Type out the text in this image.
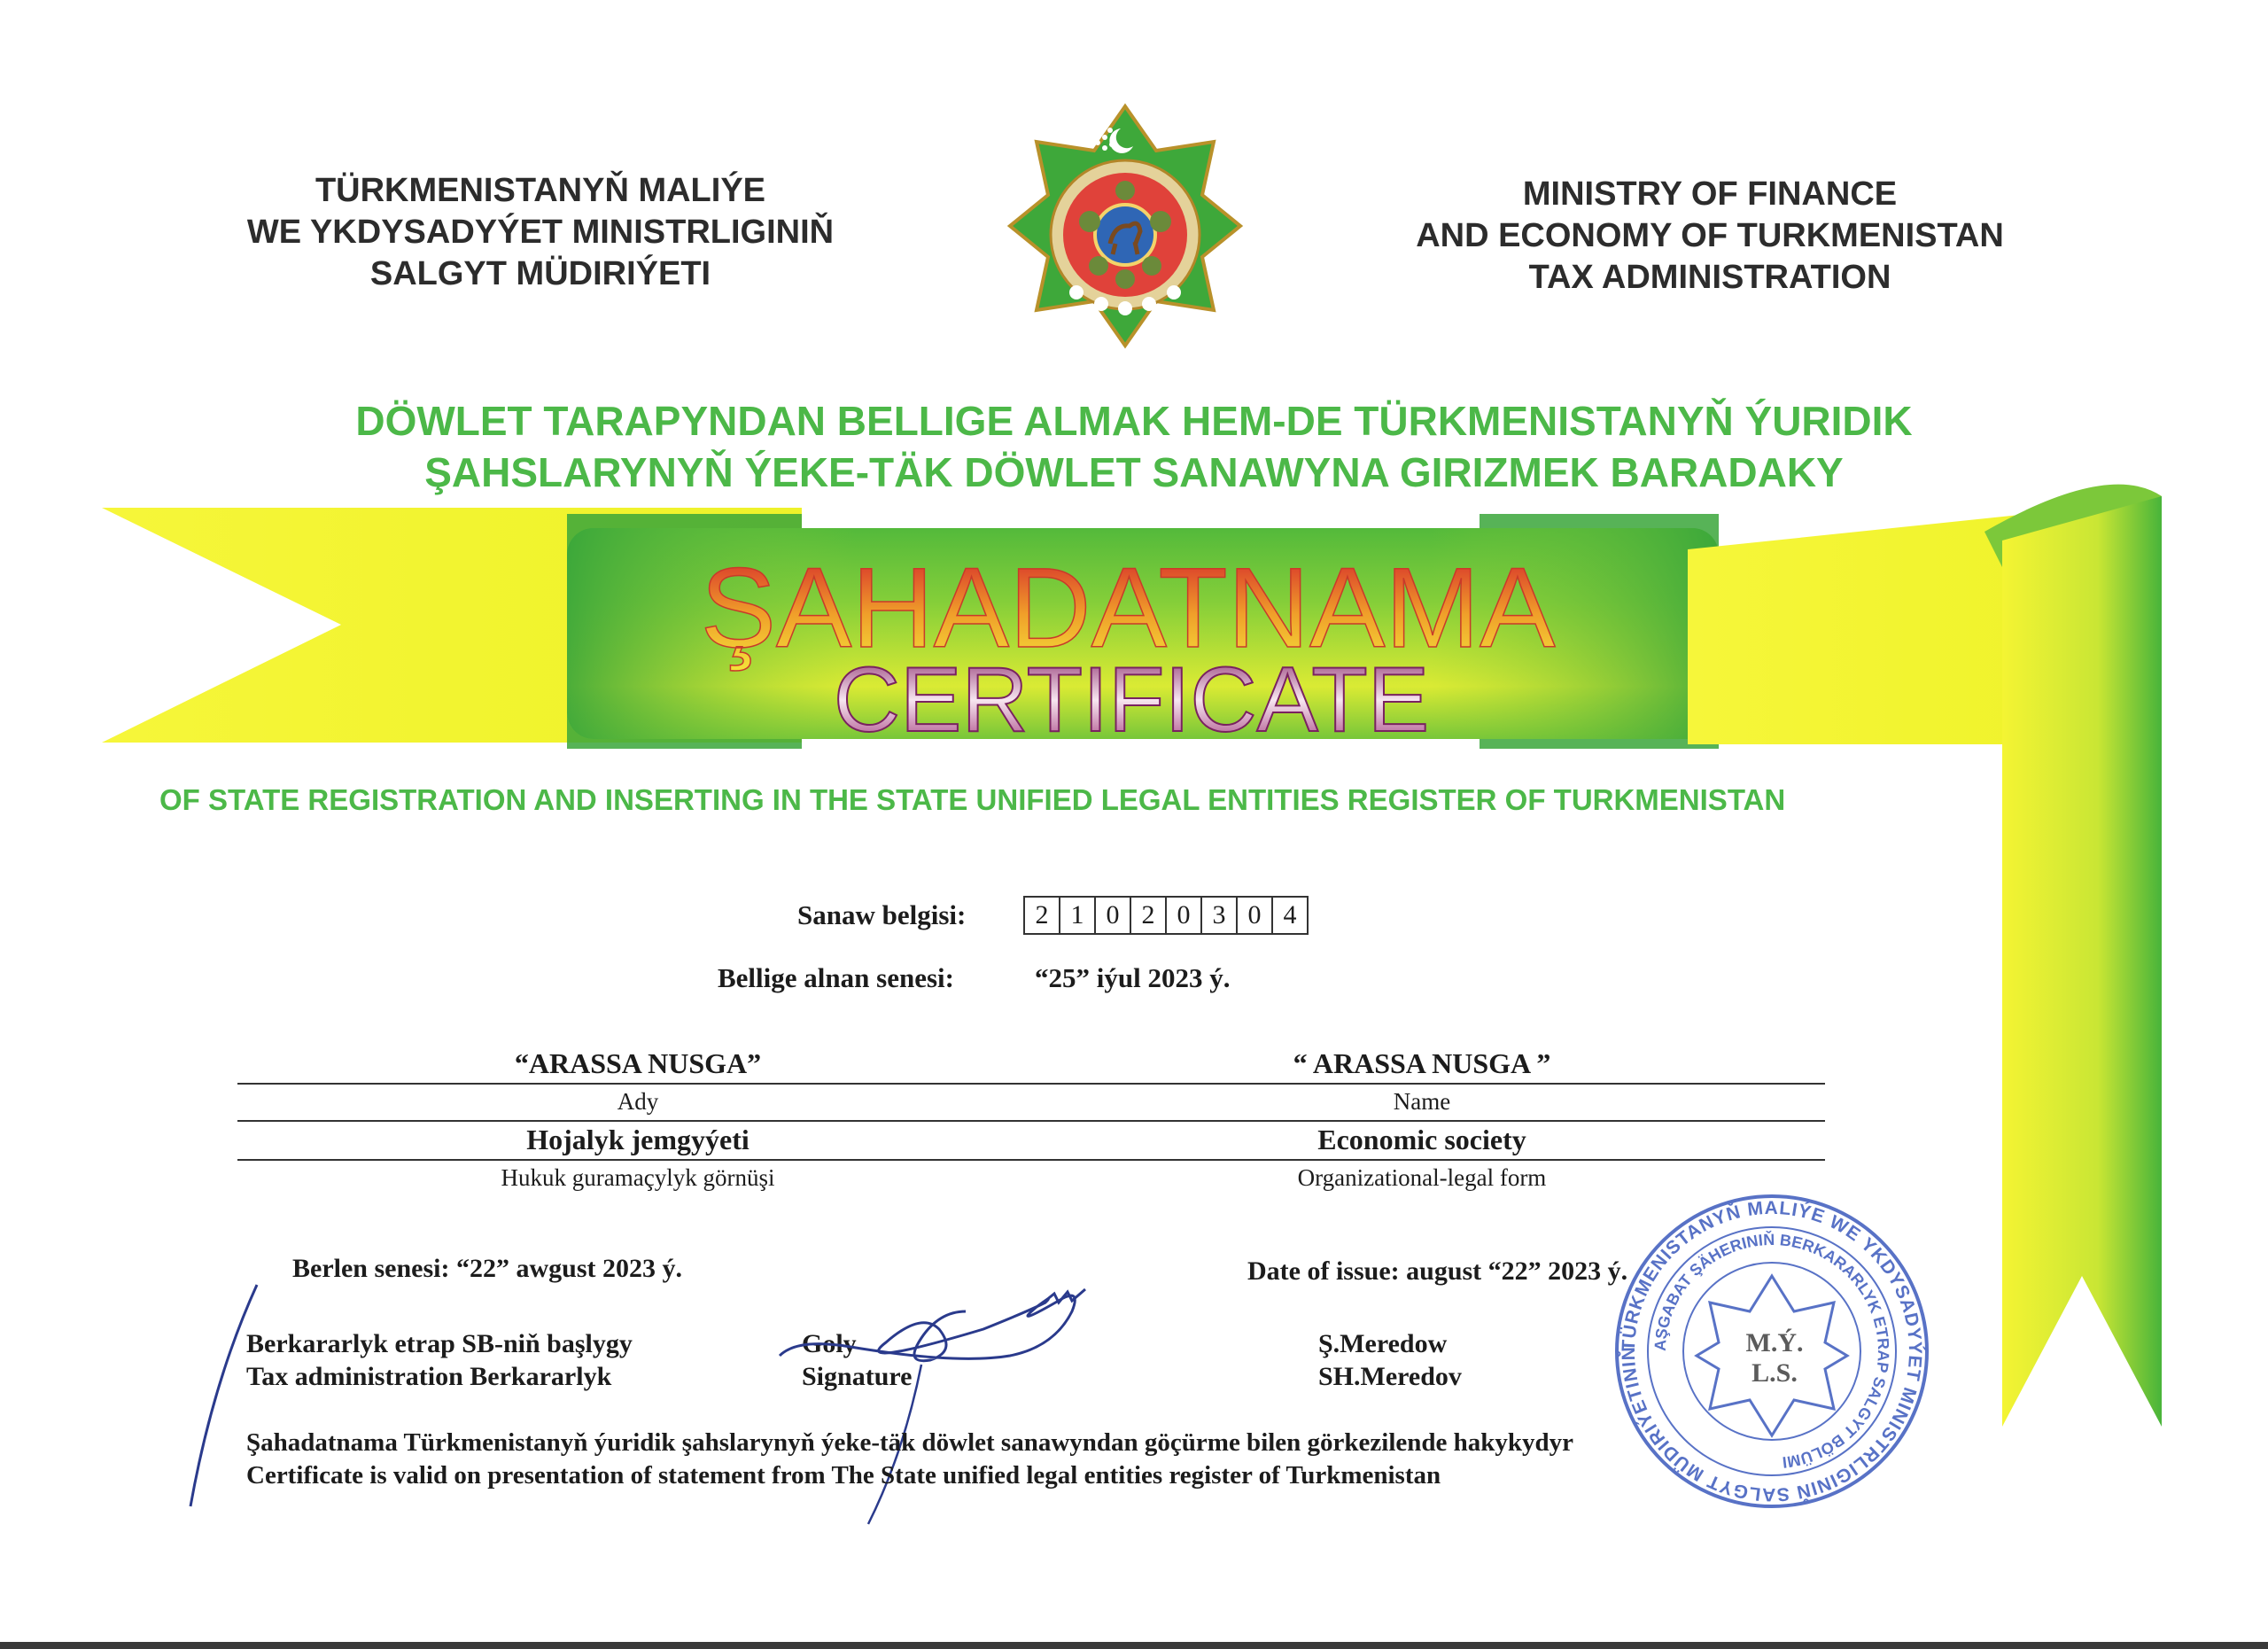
ŞAHADATNAMA
CERTIFICATE
TÜRKMENISTANYŇ MALIÝE
WE YKDYSADYÝET MINISTRLIGINIŇ
SALGYT MÜDIRIÝETI
MINISTRY OF FINANCE
AND ECONOMY OF TURKMENISTAN
TAX ADMINISTRATION
DÖWLET TARAPYNDAN BELLIGE ALMAK HEM-DE TÜRKMENISTANYŇ ÝURIDIK
ŞAHSLARYNYŇ ÝEKE-TÄK DÖWLET SANAWYNA GIRIZMEK BARADAKY
OF STATE REGISTRATION AND INSERTING IN THE STATE UNIFIED LEGAL ENTITIES REGISTER OF TURKMENISTAN
Sanaw belgisi:	2 1 0 2 0 3 0 4
Bellige alnan senesi:	“25” iýul 2023 ý.
“ARASSA NUSGA”	“ ARASSA NUSGA ”
Ady	Name
Hojalyk jemgyýeti	Economic society
Hukuk guramaçylyk görnüşi	Organizational-legal form
Berlen senesi: “22” awgust 2023 ý.	Date of issue: august “22” 2023 ý.
Berkararlyk etrap SB-niň başlygy
Tax administration Berkararlyk
Goly
Signature
Ş.Meredow
SH.Meredov
TÜRKMENISTANYŇ MALIÝE WE YKDYSADYÝET MINISTRLIGINIŇ SALGYT MÜDIRIÝETINIŇ
AŞGABAT ŞÄHERINIŇ BERKARARLYK ETRAP SALGYT BÖLÜMI
M.Ý.
L.S.
Şahadatnama Türkmenistanyň ýuridik şahslarynyň ýeke-täk döwlet sanawyndan göçürme bilen görkezilende hakykydyr
Certificate is valid on presentation of statement from The State unified legal entities register of Turkmenistan
